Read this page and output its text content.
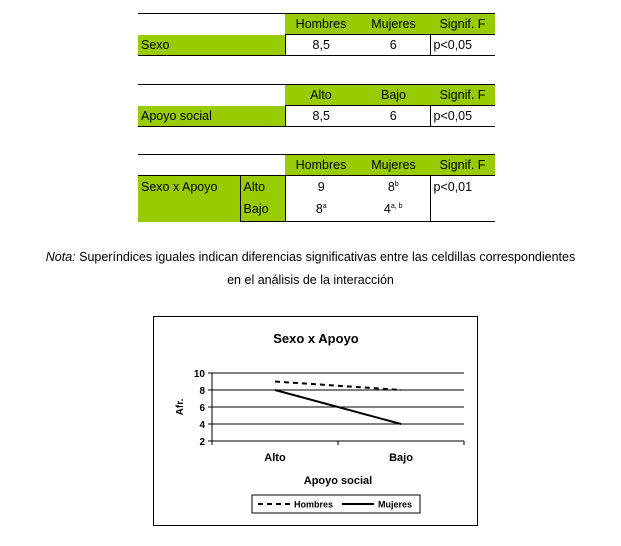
	Hombres	Mujeres	Signif. F
Sexo	8,5	6	p<0,05
	Alto	Bajo	Signif. F
Apoyo social	8,5	6	p<0,05
		Hombres	Mujeres	Signif. F
Sexo x Apoyo	Alto	9	8$^b$	p<0,01
	Bajo	8$^a$	4$^{a, b}$	
Nota: Superíndices iguales indican diferencias significativas entre las celdillas correspondientes
en el análisis de la interacción
Sexo x Apoyo
10
8
6
4
2
Alto	Bajo
Apoyo social
Afr.
Hombres	Mujeres
